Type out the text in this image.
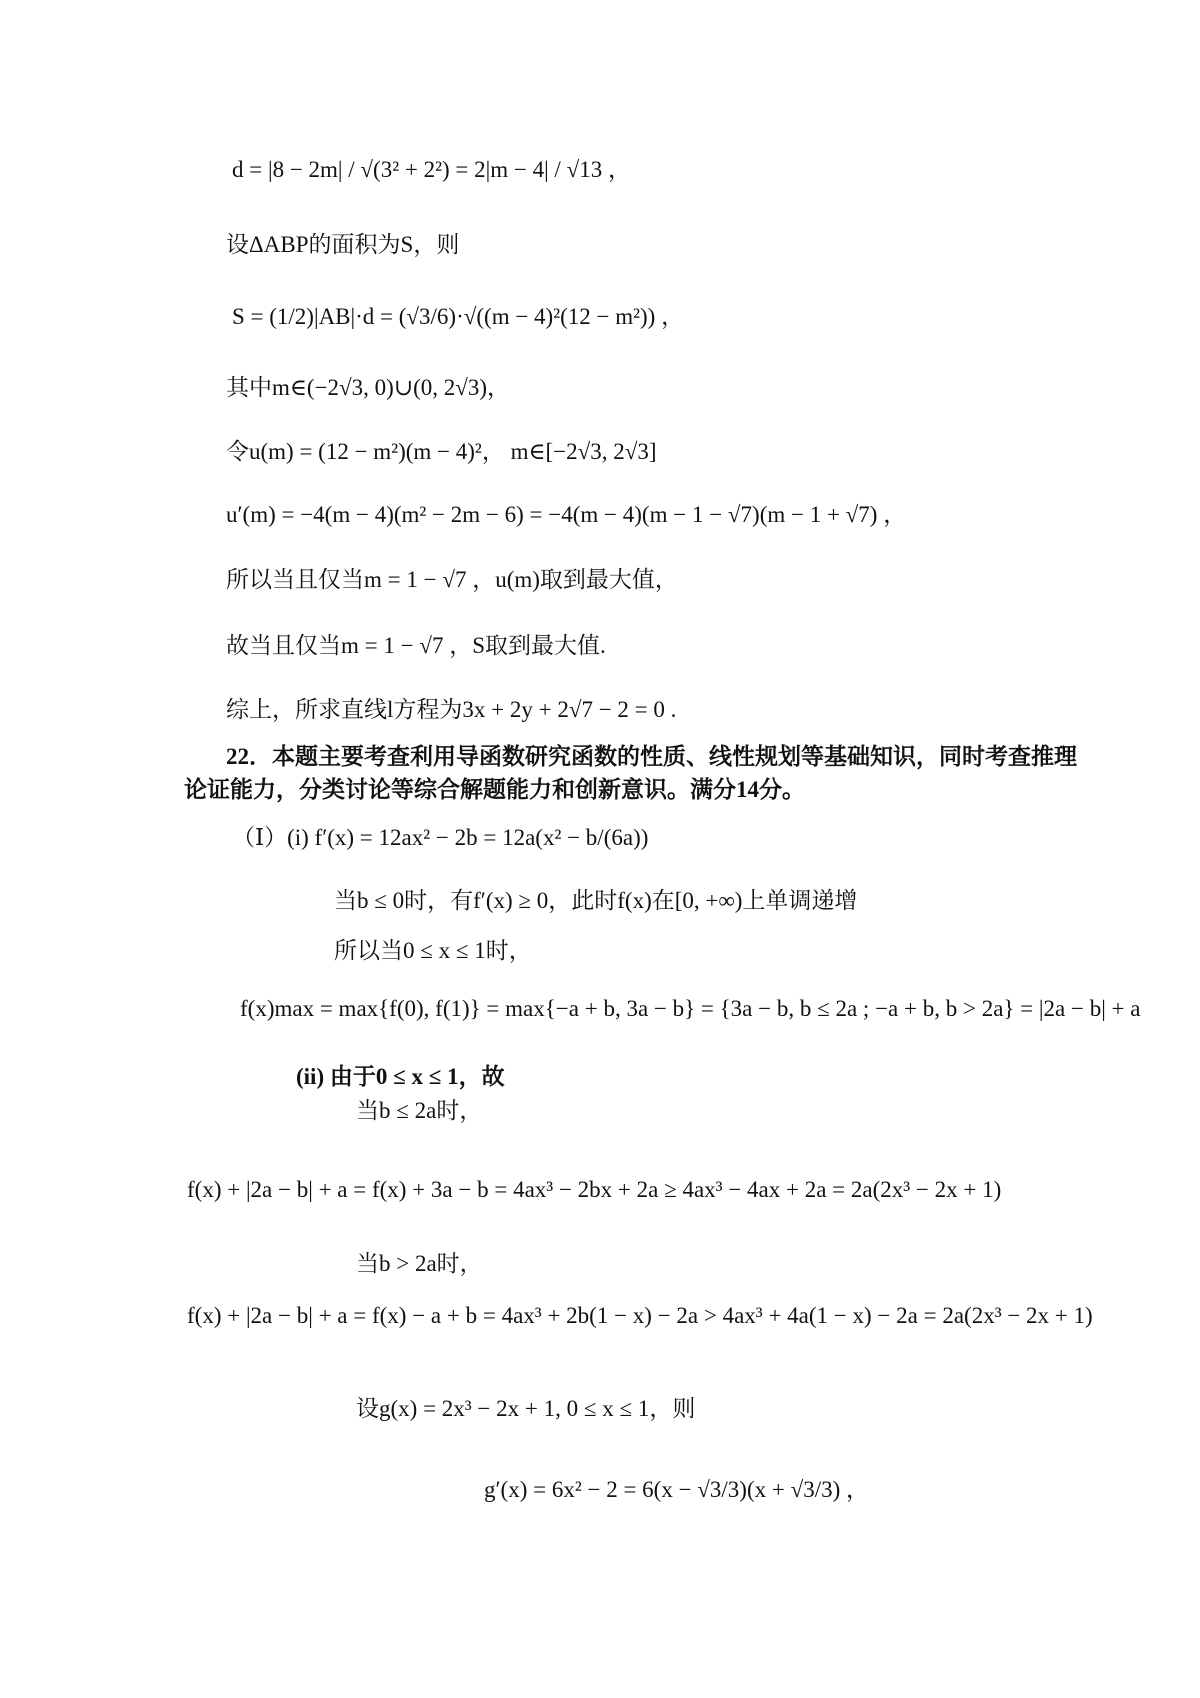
d = |8 − 2m| / √(3² + 2²) = 2|m − 4| / √13 ，
设ΔABP的面积为S，则
S = (1/2)|AB|·d = (√3/6)·√((m − 4)²(12 − m²)) ，
其中m∈(−2√3, 0)∪(0, 2√3)，
令u(m) = (12 − m²)(m − 4)²， m∈[−2√3, 2√3]
u′(m) = −4(m − 4)(m² − 2m − 6) = −4(m − 4)(m − 1 − √7)(m − 1 + √7) ，
所以当且仅当m = 1 − √7 ，u(m)取到最大值，
故当且仅当m = 1 − √7 ，S取到最大值.
综上，所求直线l方程为3x + 2y + 2√7 − 2 = 0 .
22．本题主要考查利用导函数研究函数的性质、线性规划等基础知识，同时考查推理
论证能力，分类讨论等综合解题能力和创新意识。满分14分。
（Ⅰ）(i) f′(x) = 12ax² − 2b = 12a(x² − b/(6a))
当b ≤ 0时，有f′(x) ≥ 0，此时f(x)在[0, +∞)上单调递增
所以当0 ≤ x ≤ 1时，
f(x)max = max{f(0), f(1)} = max{−a + b, 3a − b} = {3a − b, b ≤ 2a ; −a + b, b > 2a} = |2a − b| + a
(ii) 由于0 ≤ x ≤ 1，故
当b ≤ 2a时，
f(x) + |2a − b| + a = f(x) + 3a − b = 4ax³ − 2bx + 2a ≥ 4ax³ − 4ax + 2a = 2a(2x³ − 2x + 1)
当b > 2a时，
f(x) + |2a − b| + a = f(x) − a + b = 4ax³ + 2b(1 − x) − 2a > 4ax³ + 4a(1 − x) − 2a = 2a(2x³ − 2x + 1)
设g(x) = 2x³ − 2x + 1, 0 ≤ x ≤ 1，则
g′(x) = 6x² − 2 = 6(x − √3/3)(x + √3/3) ，
